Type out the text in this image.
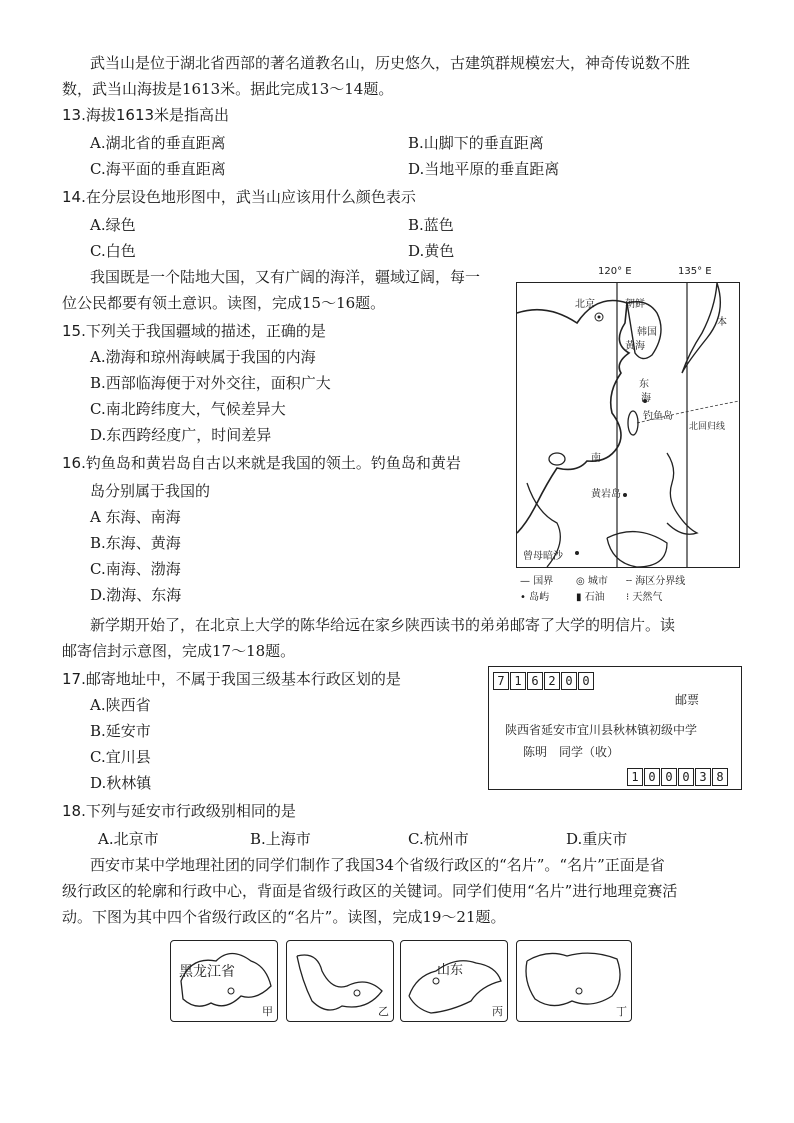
武当山是位于湖北省西部的著名道教名山，历史悠久，古建筑群规模宏大，神奇传说数不胜
数，武当山海拔是1613米。据此完成13～14题。
13.海拔1613米是指高出
A.湖北省的垂直距离	B.山脚下的垂直距离
C.海平面的垂直距离	D.当地平原的垂直距离
14.在分层设色地形图中，武当山应该用什么颜色表示
A.绿色	B.蓝色
C.白色	D.黄色
我国既是一个陆地大国，又有广阔的海洋，疆域辽阔，每一
位公民都要有领土意识。读图，完成15～16题。
15.下列关于我国疆域的描述，正确的是
A.渤海和琼州海峡属于我国的内海
B.西部临海便于对外交往，面积广大
C.南北跨纬度大，气候差异大
D.东西跨经度广，时间差异
16.钓鱼岛和黄岩岛自古以来就是我国的领土。钓鱼岛和黄岩
岛分别属于我国的
A 东海、南海
B.东海、黄海
C.南海、渤海
D.渤海、东海
120° E	135° E
北京	朝鲜
韩国
本
黄海
东
海
钓鱼岛
北回归线
南
黄岩岛
曾母暗沙
— 国界 ◎ 城市 ┄ 海区分界线
• 岛屿	▮ 石油 ⁝ 天然气
新学期开始了，在北京上大学的陈华给远在家乡陕西读书的弟弟邮寄了大学的明信片。读
邮寄信封示意图，完成17～18题。
17.邮寄地址中，不属于我国三级基本行政区划的是
A.陕西省
B.延安市
C.宜川县
D.秋林镇
7 1 6 2 0 0
邮票
陕西省延安市宜川县秋林镇初级中学
陈明　同学（收）
1 0 0 0 3 8
18.下列与延安市行政级别相同的是
A.北京市	B.上海市	C.杭州市	D.重庆市
西安市某中学地理社团的同学们制作了我国34个省级行政区的“名片”。“名片”正面是省
级行政区的轮廓和行政中心，背面是省级行政区的关键词。同学们使用“名片”进行地理竞赛活
动。下图为其中四个省级行政区的“名片”。读图，完成19～21题。
黑龙江省
甲	乙
山东
丙	丁
